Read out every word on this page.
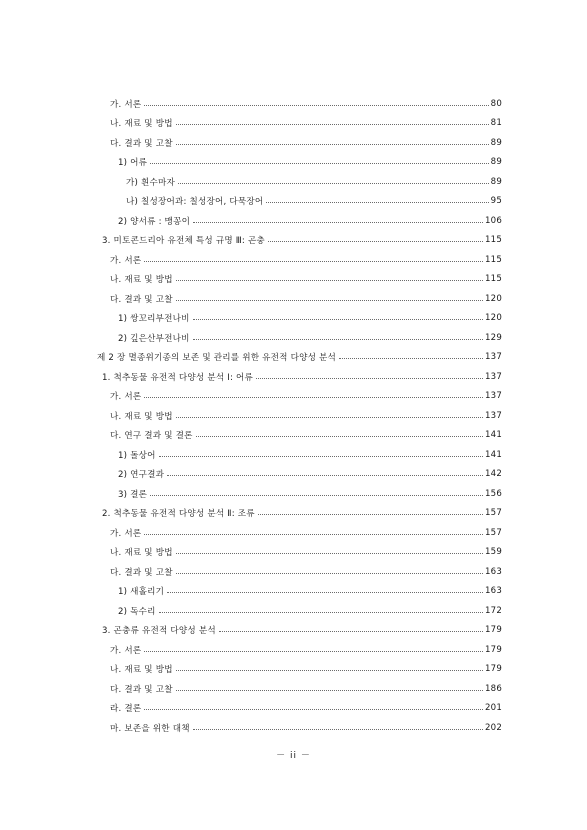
가. 서론	80
나. 재료 및 방법	81
다. 결과 및 고찰	89
1) 어류	89
가) 흰수마자	89
나) 칠성장어과: 칠성장어, 다묵장어	95
2) 양서류 : 맹꽁이	106
3. 미토콘드리아 유전체 특성 규명 Ⅲ: 곤충	115
가. 서론	115
나. 재료 및 방법	115
다. 결과 및 고찰	120
1) 쌍꼬리부전나비	120
2) 깊은산부전나비	129
제 2 장 멸종위기종의 보존 및 관리를 위한 유전적 다양성 분석	137
1. 척추동물 유전적 다양성 분석 Ⅰ: 어류	137
가. 서론	137
나. 재료 및 방법	137
다. 연구 결과 및 결론	141
1) 돌상어	141
2) 연구결과	142
3) 결론	156
2. 척추동물 유전적 다양성 분석 Ⅱ: 조류	157
가. 서론	157
나. 재료 및 방법	159
다. 결과 및 고찰	163
1) 새홀리기	163
2) 독수리	172
3. 곤충류 유전적 다양성 분석	179
가. 서론	179
나. 재료 및 방법	179
다. 결과 및 고찰	186
라. 결론	201
마. 보존을 위한 대책	202
－ ii －
